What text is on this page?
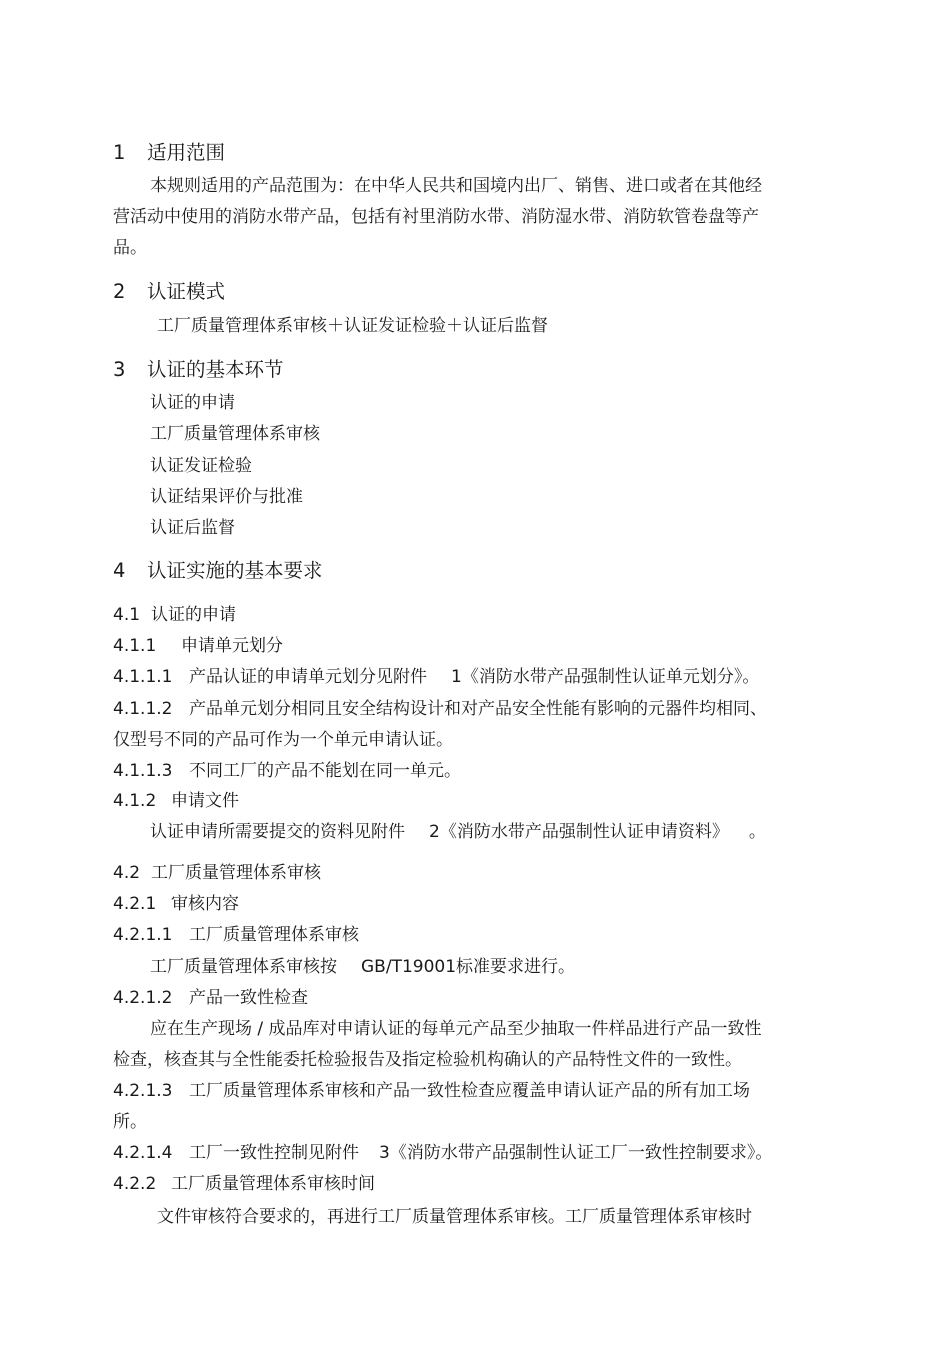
1 适用范围
本规则适用的产品范围为：在中华人民共和国境内出厂、销售、进口或者在其他经
营活动中使用的消防水带产品，包括有衬里消防水带、消防湿水带、消防软管卷盘等产
品。
2 认证模式
工厂质量管理体系审核＋认证发证检验＋认证后监督
3 认证的基本环节
认证的申请
工厂质量管理体系审核
认证发证检验
认证结果评价与批准
认证后监督
4 认证实施的基本要求
4.1 认证的申请
4.1.1 申请单元划分
4.1.1.1 产品认证的申请单元划分见附件 1《消防水带产品强制性认证单元划分》。
4.1.1.2 产品单元划分相同且安全结构设计和对产品安全性能有影响的元器件均相同、
仅型号不同的产品可作为一个单元申请认证。
4.1.1.3 不同工厂的产品不能划在同一单元。
4.1.2 申请文件
认证申请所需要提交的资料见附件 2《消防水带产品强制性认证申请资料》 。
4.2 工厂质量管理体系审核
4.2.1 审核内容
4.2.1.1 工厂质量管理体系审核
工厂质量管理体系审核按 GB/T19001标准要求进行。
4.2.1.2 产品一致性检查
应在生产现场 / 成品库对申请认证的每单元产品至少抽取一件样品进行产品一致性
检查，核查其与全性能委托检验报告及指定检验机构确认的产品特性文件的一致性。
4.2.1.3 工厂质量管理体系审核和产品一致性检查应覆盖申请认证产品的所有加工场
所。
4.2.1.4 工厂一致性控制见附件 3《消防水带产品强制性认证工厂一致性控制要求》。
4.2.2 工厂质量管理体系审核时间
文件审核符合要求的，再进行工厂质量管理体系审核。工厂质量管理体系审核时
